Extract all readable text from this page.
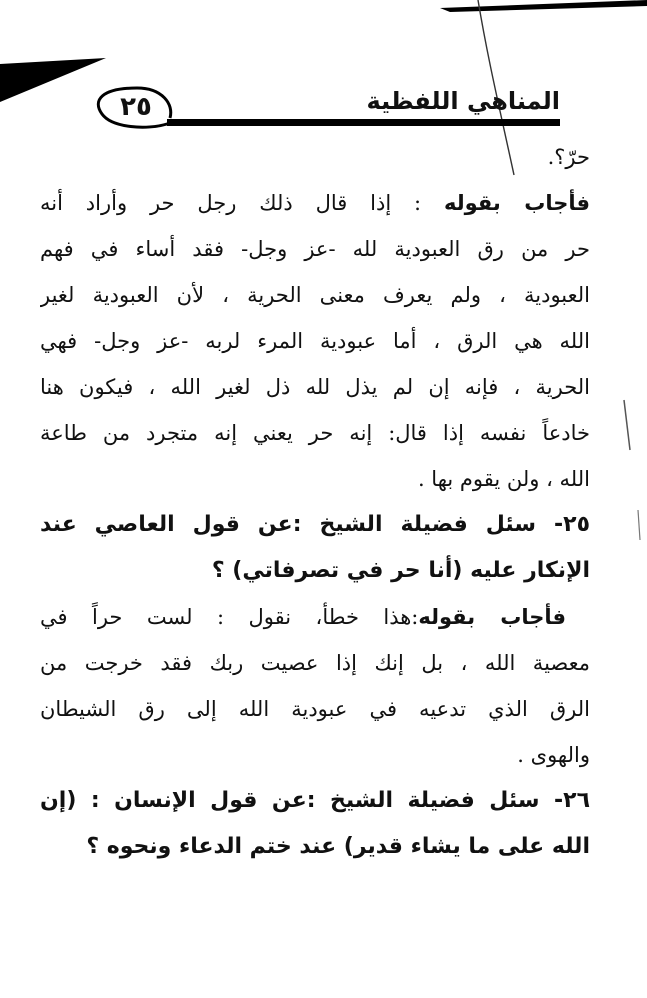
٢٥	المناهي اللفظية
حرّ؟.
فأجاب بقوله : إذا قال ذلك رجل حر وأراد أنه
حر من رق العبودية لله -عز وجل- فقد أساء في فهم
العبودية ، ولم يعرف معنى الحرية ، لأن العبودية لغير
الله هي الرق ، أما عبودية المرء لربه -عز وجل- فهي
الحرية ، فإنه إن لم يذل لله ذل لغير الله ، فيكون هنا
خادعاً نفسه إذا قال: إنه حر يعني إنه متجرد من طاعة
الله ، ولن يقوم بها .
٢٥- سئل فضيلة الشيخ :عن قول العاصي عند
الإنكار عليه (أنا حر في تصرفاتي) ؟
فأجاب بقوله:هذا خطأ، نقول : لست حراً في
معصية الله ، بل إنك إذا عصيت ربك فقد خرجت من
الرق الذي تدعيه في عبودية الله إلى رق الشيطان
والهوى .
٢٦- سئل فضيلة الشيخ :عن قول الإنسان : (إن
الله على ما يشاء قدير) عند ختم الدعاء ونحوه ؟
